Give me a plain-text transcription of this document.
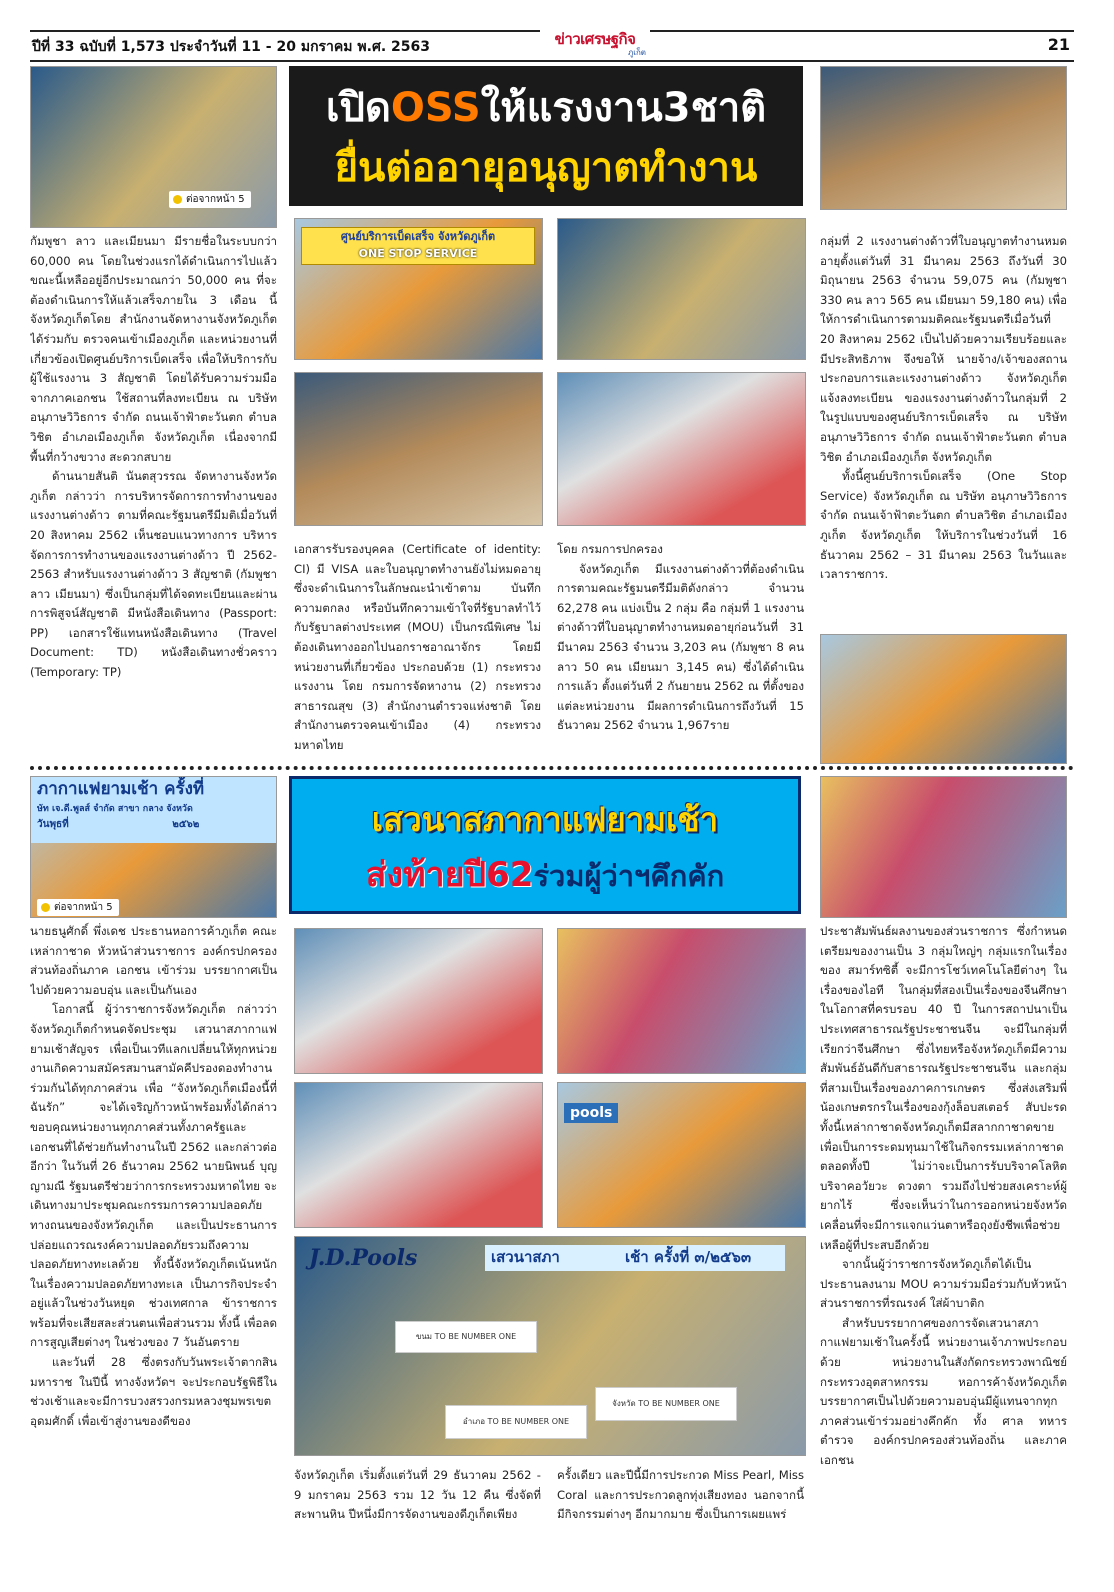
ปีที่ 33 ฉบับที่ 1,573 ประจำวันที่ 11 - 20 มกราคม พ.ศ. 2563	ข่าวเศรษฐกิจ
ภูเก็ต	21
ต่อจากหน้า 5
เปิดOSSให้แรงงาน3ชาติ
ยื่นต่ออายุอนุญาตทำงาน
ศูนย์บริการเบ็ดเสร็จ จังหวัดภูเก็ต
ONE STOP SERVICE

กัมพูชา ลาว และเมียนมา มีรายชื่อในระบบกว่า 60,000 คน โดยในช่วงแรกได้ดำเนินการไปแล้ว ขณะนี้เหลืออยู่อีกประมาณกว่า 50,000 คน ที่จะต้องดำเนินการให้แล้วเสร็จภายใน 3 เดือน นี้ จังหวัดภูเก็ตโดย สำนักงานจัดหางานจังหวัดภูเก็ต ได้ร่วมกับ ตรวจคนเข้าเมืองภูเก็ต และหน่วยงานที่เกี่ยวข้องเปิดศูนย์บริการเบ็ดเสร็จ เพื่อให้บริการกับผู้ใช้แรงงาน 3 สัญชาติ โดยได้รับความร่วมมือจากภาคเอกชน ใช้สถานที่ลงทะเบียน ณ บริษัท อนุภาษวิวิธการ จำกัด ถนนเจ้าฟ้าตะวันตก ตำบลวิชิต อำเภอเมืองภูเก็ต จังหวัดภูเก็ต เนื่องจากมีพื้นที่กว้างขวาง สะดวกสบาย

ด้านนายสันติ นันตสุวรรณ จัดหางานจังหวัดภูเก็ต กล่าวว่า การบริหารจัดการการทำงานของแรงงานต่างด้าว ตามที่คณะรัฐมนตรีมีมติเมื่อวันที่ 20 สิงหาคม 2562 เห็นชอบแนวทางการ บริหารจัดการการทำงานของแรงงานต่างด้าว ปี 2562-2563 สำหรับแรงงานต่างด้าว 3 สัญชาติ (กัมพูชา ลาว เมียนมา) ซึ่งเป็นกลุ่มที่ได้จดทะเบียนและผ่านการพิสูจน์สัญชาติ มีหนังสือเดินทาง (Passport: PP) เอกสารใช้แทนหนังสือเดินทาง (Travel Document: TD) หนังสือเดินทางชั่วคราว (Temporary: TP)

เอกสารรับรองบุคคล (Certificate of identity: CI) มี VISA และใบอนุญาตทำงานยังไม่หมดอายุ ซึ่งจะดำเนินการในลักษณะนำเข้าตาม บันทึกความตกลง หรือบันทึกความเข้าใจที่รัฐบาลทำไว้กับรัฐบาลต่างประเทศ (MOU) เป็นกรณีพิเศษ ไม่ต้องเดินทางออกไปนอกราชอาณาจักร โดยมีหน่วยงานที่เกี่ยวข้อง ประกอบด้วย (1) กระทรวงแรงงาน โดย กรมการจัดหางาน (2) กระทรวงสาธารณสุข (3) สำนักงานตำรวจแห่งชาติ โดย สำนักงานตรวจคนเข้าเมือง (4) กระทรวงมหาดไทย

โดย กรมการปกครอง

จังหวัดภูเก็ต มีแรงงานต่างด้าวที่ต้องดำเนินการตามคณะรัฐมนตรีมีมติดังกล่าว จำนวน 62,278 คน แบ่งเป็น 2 กลุ่ม คือ กลุ่มที่ 1 แรงงานต่างด้าวที่ใบอนุญาตทำงานหมดอายุก่อนวันที่ 31 มีนาคม 2563 จำนวน 3,203 คน (กัมพูชา 8 คน ลาว 50 คน เมียนมา 3,145 คน) ซึ่งได้ดำเนินการแล้ว ตั้งแต่วันที่ 2 กันยายน 2562 ณ ที่ตั้งของแต่ละหน่วยงาน มีผลการดำเนินการถึงวันที่ 15 ธันวาคม 2562 จำนวน 1,967ราย

กลุ่มที่ 2 แรงงานต่างด้าวที่ใบอนุญาตทำงานหมดอายุตั้งแต่วันที่ 31 มีนาคม 2563 ถึงวันที่ 30 มิถุนายน 2563 จำนวน 59,075 คน (กัมพูชา 330 คน ลาว 565 คน เมียนมา 59,180 คน) เพื่อให้การดำเนินการตามมติคณะรัฐมนตรีเมื่อวันที่ 20 สิงหาคม 2562 เป็นไปด้วยความเรียบร้อยและมีประสิทธิภาพ จึงขอให้ นายจ้าง/เจ้าของสถานประกอบการและแรงงานต่างด้าว จังหวัดภูเก็ต แจ้งลงทะเบียน ของแรงงานต่างด้าวในกลุ่มที่ 2 ในรูปแบบของศูนย์บริการเบ็ดเสร็จ ณ บริษัท อนุภาษวิวิธการ จำกัด ถนนเจ้าฟ้าตะวันตก ตำบลวิชิต อำเภอเมืองภูเก็ต จังหวัดภูเก็ต

ทั้งนี้ศูนย์บริการเบ็ดเสร็จ (One Stop Service) จังหวัดภูเก็ต ณ บริษัท อนุภาษวิวิธการ จำกัด ถนนเจ้าฟ้าตะวันตก ตำบลวิชิต อำเภอเมืองภูเก็ต จังหวัดภูเก็ต ให้บริการในช่วงวันที่ 16 ธันวาคม 2562 – 31 มีนาคม 2563 ในวันและเวลาราชการ.

ภากาแฟยามเช้า ครั้งที่
ษัท เจ.ดี.พูลส์ จำกัด สาขา กลาง จังหวัด
วันพุธที่	๒๕๖๒
ต่อจากหน้า 5
เสวนาสภากาแฟยามเช้า
ส่งท้ายปี62ร่วมผู้ว่าฯคึกคัก
pools
J.D.Pools	เสวนาสภา	เช้า ครั้งที่ ๓/๒๕๖๓
ขนม TO BE NUMBER ONE
อำเภอ TO BE NUMBER ONE
จังหวัด TO BE NUMBER ONE

นายธนูศักดิ์ พึ่งเดช ประธานหอการค้าภูเก็ต คณะเหล่ากาชาด หัวหน้าส่วนราชการ องค์กรปกครองส่วนท้องถิ่นภาค เอกชน เข้าร่วม บรรยากาศเป็นไปด้วยความอบอุ่น และเป็นกันเอง

โอกาสนี้ ผู้ว่าราชการจังหวัดภูเก็ต กล่าวว่าจังหวัดภูเก็ตกำหนดจัดประชุม เสวนาสภากาแฟยามเช้าสัญจร เพื่อเป็นเวทีแลกเปลี่ยนให้ทุกหน่วยงานเกิดความสมัครสมานสามัคคีปรองดองทำงานร่วมกันได้ทุกภาคส่วน เพื่อ “จังหวัดภูเก็ตเมืองนี้ที่ฉันรัก” จะได้เจริญก้าวหน้าพร้อมทั้งได้กล่าวขอบคุณหน่วยงานทุกภาคส่วนทั้งภาครัฐและเอกชนที่ได้ช่วยกันทำงานในปี 2562 และกล่าวต่ออีกว่า ในวันที่ 26 ธันวาคม 2562 นายนิพนธ์ บุญญามณี รัฐมนตรีช่วยว่าการกระทรวงมหาดไทย จะ เดินทางมาประชุมคณะกรรมการความปลอดภัยทางถนนของจังหวัดภูเก็ต และเป็นประธานการปล่อยแถวรณรงค์ความปลอดภัยรวมถึงความปลอดภัยทางทะเลด้วย ทั้งนี้จังหวัดภูเก็ตเน้นหนักในเรื่องความปลอดภัยทางทะเล เป็นภารกิจประจำอยู่แล้วในช่วงวันหยุด ช่วงเทศกาล ข้าราชการพร้อมที่จะเสียสละส่วนตนเพื่อส่วนรวม ทั้งนี้ เพื่อลดการสูญเสียต่างๆ ในช่วงของ 7 วันอันตราย

และวันที่ 28 ซึ่งตรงกับวันพระเจ้าตากสินมหาราช ในปีนี้ ทางจังหวัดฯ จะประกอบรัฐพิธีในช่วงเช้าและจะมีการบวงสรวงกรมหลวงชุมพรเขตอุดมศักดิ์ เพื่อเข้าสู่งานของดีของ

จังหวัดภูเก็ต เริ่มตั้งแต่วันที่ 29 ธันวาคม 2562 - 9 มกราคม 2563 รวม 12 วัน 12 คืน ซึ่งจัดที่ สะพานหิน ปีหนึ่งมีการจัดงานของดีภูเก็ตเพียง

ครั้งเดียว และปีนี้มีการประกวด Miss Pearl, Miss Coral และการประกวดลูกทุ่งเสียงทอง นอกจากนี้มีกิจกรรมต่างๆ อีกมากมาย ซึ่งเป็นการเผยแพร่

ประชาสัมพันธ์ผลงานของส่วนราชการ ซึ่งกำหนดเตรียมของงานเป็น 3 กลุ่มใหญ่ๆ กลุ่มแรกในเรื่องของ สมาร์ทซิตี้ จะมีการโชว์เทคโนโลยีต่างๆ ในเรื่องของไอที ในกลุ่มที่สองเป็นเรื่องของจีนศึกษาในโอกาสที่ครบรอบ 40 ปี ในการสถาปนาเป็นประเทศสาธารณรัฐประชาชนจีน จะมีในกลุ่มที่เรียกว่าจีนศึกษา ซึ่งไทยหรือจังหวัดภูเก็ตมีความสัมพันธ์อันดีกับสาธารณรัฐประชาชนจีน และกลุ่มที่สามเป็นเรื่องของภาคการเกษตร ซึ่งส่งเสริมพี่น้องเกษตรกรในเรื่องของกุ้งล็อบสเตอร์ สับปะรด ทั้งนี้เหล่ากาชาดจังหวัดภูเก็ตมีสลากกาชาดขายเพื่อเป็นการระดมทุนมาใช้ในกิจกรรมเหล่ากาชาดตลอดทั้งปี ไม่ว่าจะเป็นการรับบริจาคโลหิต บริจาคอวัยวะ ดวงตา รวมถึงไปช่วยสงเคราะห์ผู้ยากไร้ ซึ่งจะเห็นว่าในการออกหน่วยจังหวัดเคลื่อนที่จะมีการแจกแว่นตาหรือถุงยังชีพเพื่อช่วยเหลือผู้ที่ประสบอีกด้วย

จากนั้นผู้ว่าราชการจังหวัดภูเก็ตได้เป็นประธานลงนาม MOU ความร่วมมือร่วมกับหัวหน้าส่วนราชการที่รณรงค์ ใส่ผ้าบาติก

สำหรับบรรยากาศของการจัดเสวนาสภากาแฟยามเช้าในครั้งนี้ หน่วยงานเจ้าภาพประกอบด้วย หน่วยงานในสังกัดกระทรวงพาณิชย์ กระทรวงอุตสาหกรรม หอการค้าจังหวัดภูเก็ต บรรยากาศเป็นไปด้วยความอบอุ่นมีผู้แทนจากทุกภาคส่วนเข้าร่วมอย่างคึกคัก ทั้ง ศาล ทหาร ตำรวจ องค์กรปกครองส่วนท้องถิ่น และภาคเอกชน
